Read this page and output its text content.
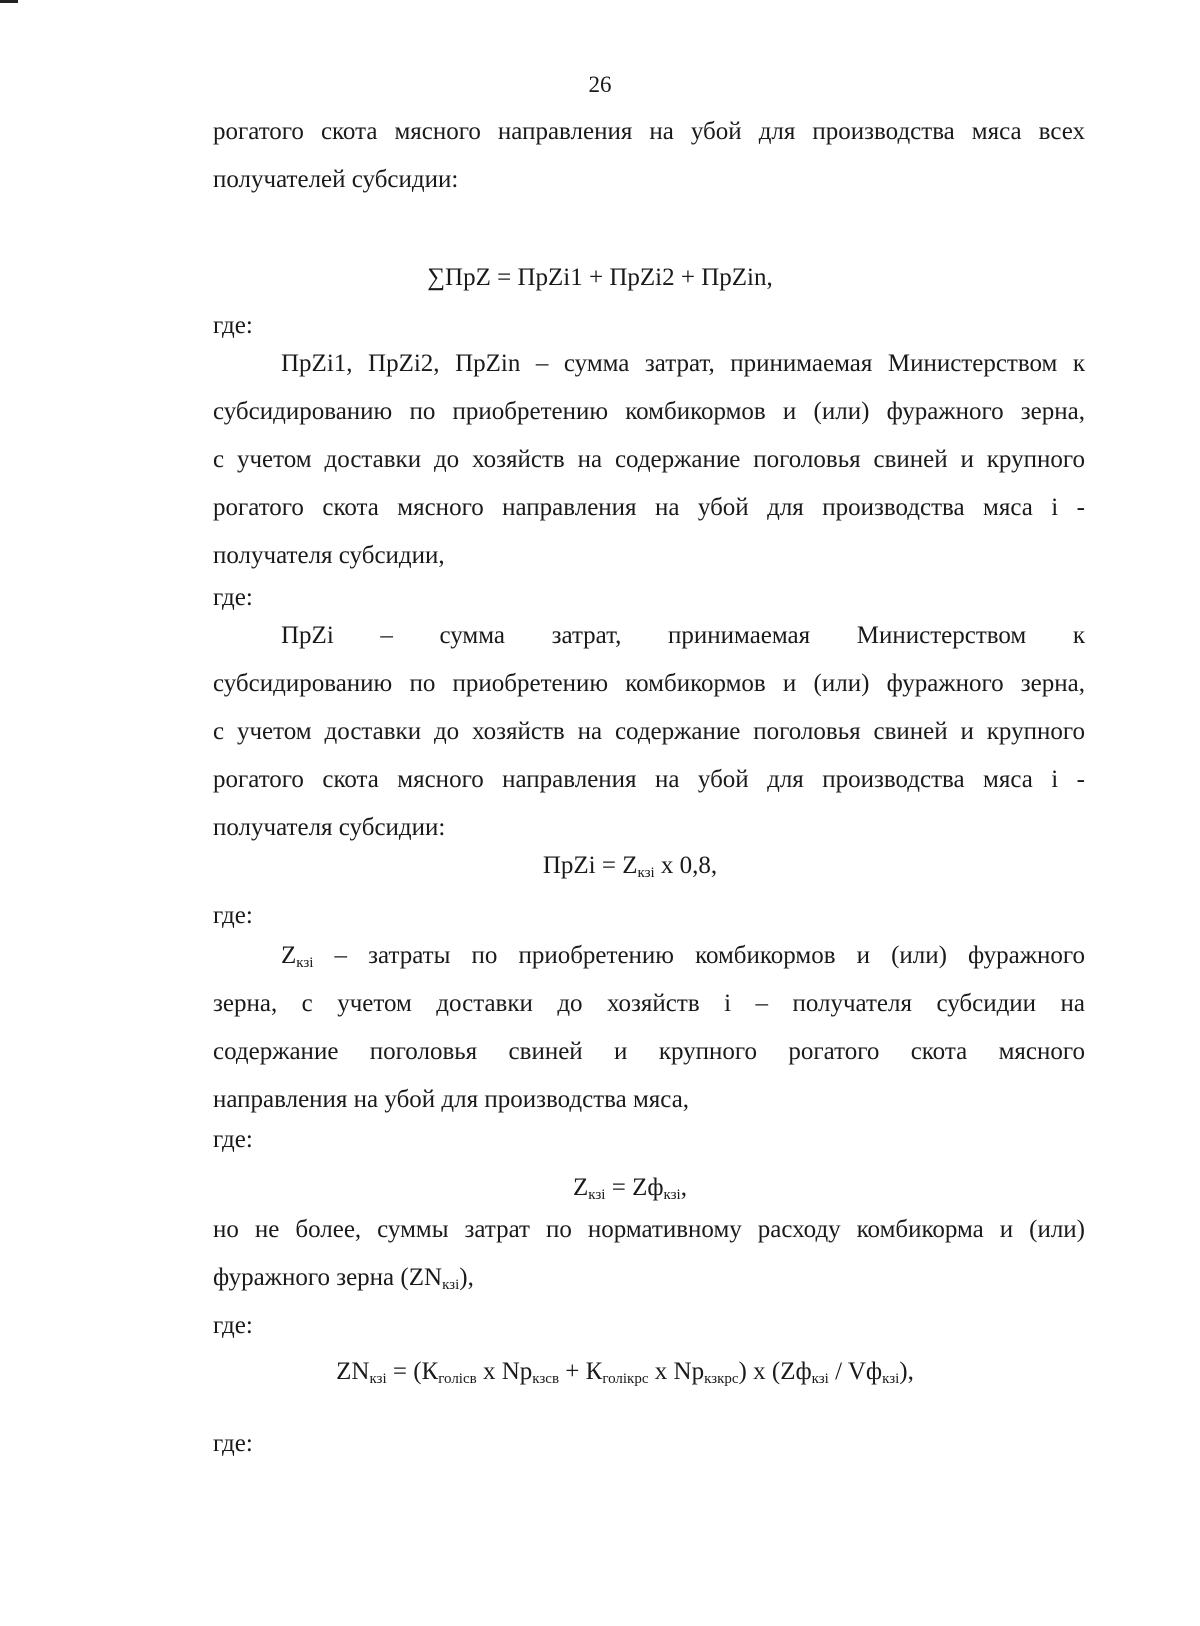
26
рогатого скота мясного направления на убой для производства мяса всех
получателей субсидии:
∑ПрZ = ПрZi1 + ПрZi2 + ПрZin,
где:
ПрZi1, ПрZi2, ПрZin – сумма затрат, принимаемая Министерством к
субсидированию по приобретению комбикормов и (или) фуражного зерна,
с учетом доставки до хозяйств на содержание поголовья свиней и крупного
рогатого скота мясного направления на убой для производства мяса i -
получателя субсидии,
где:
ПрZi – сумма затрат, принимаемая Министерством к
субсидированию по приобретению комбикормов и (или) фуражного зерна,
с учетом доставки до хозяйств на содержание поголовья свиней и крупного
рогатого скота мясного направления на убой для производства мяса i -
получателя субсидии:
ПрZi = $Z_{кзi}$ x 0,8,
где:
$Z_{кзi}$ – затраты по приобретению комбикормов и (или) фуражного
зерна, с учетом доставки до хозяйств i – получателя субсидии на
содержание поголовья свиней и крупного рогатого скота мясного
направления на убой для производства мяса,
где:
$Z_{кзi} = Zф_{кзi}$,
но не более, суммы затрат по нормативному расходу комбикорма и (или)
фуражного зерна $(ZN_{кзi})$,
где:
$ZN_{кзi} = (К_{голiсв}$ x $Np_{кзсв} + К_{голiкрс}$ x $Np_{кзкрс}$) x $(Zф_{кзi} / Vф_{кзi})$,
где:
